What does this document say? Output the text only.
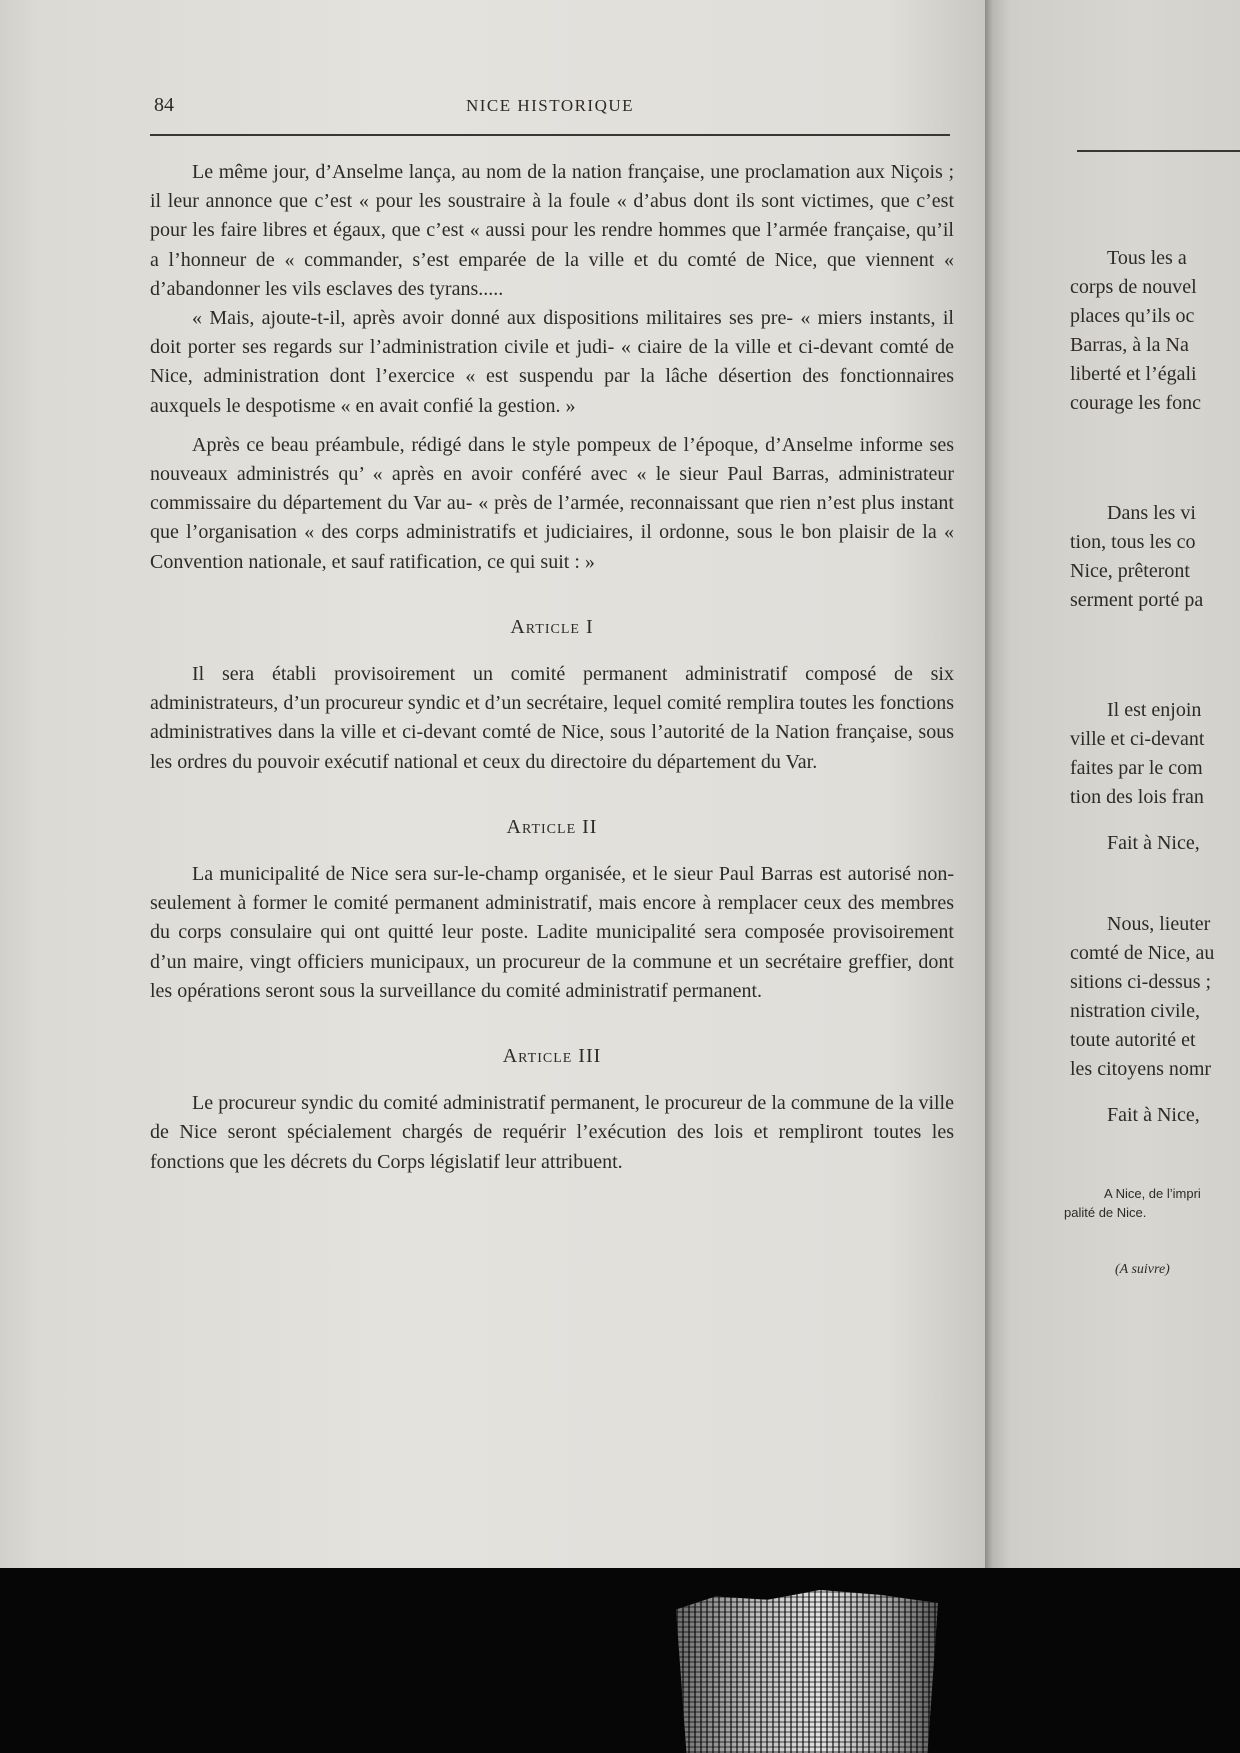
84	NICE HISTORIQUE

Le même jour, d’Anselme lança, au nom de la nation française, une proclamation aux Niçois ; il leur annonce que c’est « pour les soustraire à la foule « d’abus dont ils sont victimes, que c’est pour les faire libres et égaux, que c’est « aussi pour les rendre hommes que l’armée française, qu’il a l’honneur de « commander, s’est emparée de la ville et du comté de Nice, que viennent « d’abandonner les vils esclaves des tyrans.....

« Mais, ajoute-t-il, après avoir donné aux dispositions militaires ses pre- « miers instants, il doit porter ses regards sur l’administration civile et judi- « ciaire de la ville et ci-devant comté de Nice, administration dont l’exercice « est suspendu par la lâche désertion des fonctionnaires auxquels le despotisme « en avait confié la gestion. »

Après ce beau préambule, rédigé dans le style pompeux de l’époque, d’Anselme informe ses nouveaux administrés qu’ « après en avoir conféré avec « le sieur Paul Barras, administrateur commissaire du département du Var au- « près de l’armée, reconnaissant que rien n’est plus instant que l’organisation « des corps administratifs et judiciaires, il ordonne, sous le bon plaisir de la « Convention nationale, et sauf ratification, ce qui suit : »

Article I

Il sera établi provisoirement un comité permanent administratif composé de six administrateurs, d’un procureur syndic et d’un secrétaire, lequel comité remplira toutes les fonctions administratives dans la ville et ci-devant comté de Nice, sous l’autorité de la Nation française, sous les ordres du pouvoir exécutif national et ceux du directoire du département du Var.

Article II

La municipalité de Nice sera sur-le-champ organisée, et le sieur Paul Barras est autorisé non-seulement à former le comité permanent administratif, mais encore à remplacer ceux des membres du corps consulaire qui ont quitté leur poste. Ladite municipalité sera composée provisoirement d’un maire, vingt officiers municipaux, un procureur de la commune et un secrétaire greffier, dont les opérations seront sous la surveillance du comité administratif permanent.

Article III

Le procureur syndic du comité administratif permanent, le procureur de la commune de la ville de Nice seront spécialement chargés de requérir l’exécution des lois et rempliront toutes les fonctions que les décrets du Corps législatif leur attribuent.

Tous les a
corps de nouvel
places qu’ils oc
Barras, à la Na
liberté et l’égali
courage les fonc
Dans les vi
tion, tous les co
Nice, prêteront
serment porté pa
Il est enjoin
ville et ci-devant
faites par le com
tion des lois fran
Fait à Nice,
Nous, lieuter
comté de Nice, au
sitions ci-dessus ;
nistration civile,
toute autorité et
les citoyens nomr
Fait à Nice,
A Nice, de l’impri
palité de Nice.
(A suivre)
